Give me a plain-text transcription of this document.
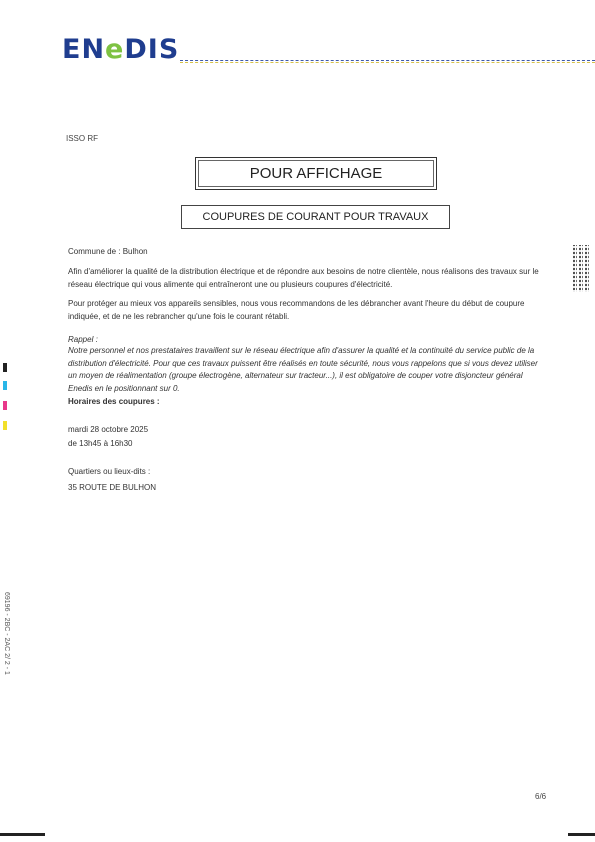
ENeDIS
ISSO RF
POUR AFFICHAGE
COUPURES DE COURANT POUR TRAVAUX
Commune de : Bulhon
Afin d'améliorer la qualité de la distribution électrique et de répondre aux besoins de notre clientèle, nous réalisons des travaux sur le réseau électrique qui vous alimente qui entraîneront une ou plusieurs coupures d'électricité.
Pour protéger au mieux vos appareils sensibles, nous vous recommandons de les débrancher avant l'heure du début de coupure indiquée, et de ne les rebrancher qu'une fois le courant rétabli.
Rappel :
Notre personnel et nos prestataires travaillent sur le réseau électrique afin d'assurer la qualité et la continuité du service public de la distribution d'électricité. Pour que ces travaux puissent être réalisés en toute sécurité, nous vous rappelons que si vous devez utiliser un moyen de réalimentation (groupe électrogène, alternateur sur tracteur...), il est obligatoire de couper votre disjoncteur général Enedis en le positionnant sur 0.
Horaires des coupures :
mardi 28 octobre 2025
de 13h45 à 16h30
Quartiers ou lieux-dits :
35 ROUTE DE BULHON
69196 - 2BC - 2AC 2/ 2 - 1
6/6
